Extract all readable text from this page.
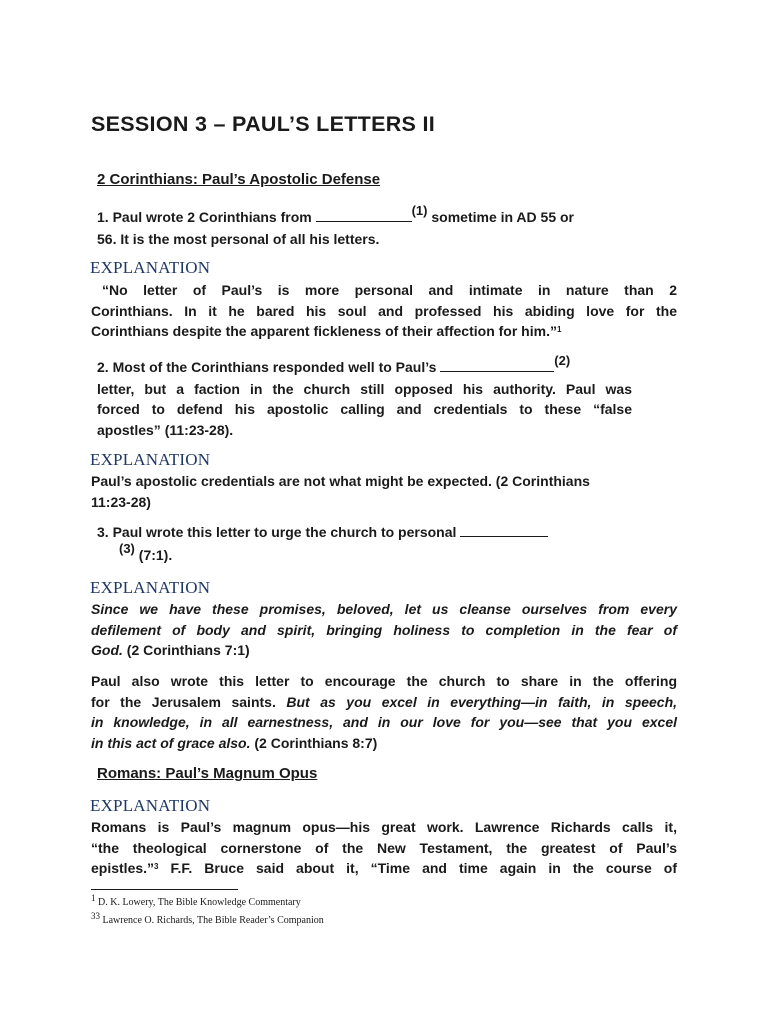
SESSION 3 – PAUL’S LETTERS II
2 Corinthians: Paul’s Apostolic Defense
1. Paul wrote 2 Corinthians from	(1) sometime in AD 55 or
56. It is the most personal of all his letters.
EXPLANATION
“No letter of Paul’s is more personal and intimate in nature than 2
Corinthians. In it he bared his soul and professed his abiding love for the
Corinthians despite the apparent fickleness of their affection for him.”$^1$
2. Most of the Corinthians responded well to Paul’s	(2)
letter, but a faction in the church still opposed his authority. Paul was
forced to defend his apostolic calling and credentials to these “false
apostles” (11:23-28).
EXPLANATION
Paul’s apostolic credentials are not what might be expected. (2 Corinthians
11:23-28)
3. Paul wrote this letter to urge the church to personal
(3) (7:1).
EXPLANATION
Since we have these promises, beloved, let us cleanse ourselves from every
defilement of body and spirit, bringing holiness to completion in the fear of
God. (2 Corinthians 7:1)
Paul also wrote this letter to encourage the church to share in the offering
for the Jerusalem saints. But as you excel in everything—in faith, in speech,
in knowledge, in all earnestness, and in our love for you—see that you excel
in this act of grace also. (2 Corinthians 8:7)
Romans: Paul’s Magnum Opus
EXPLANATION
Romans is Paul’s magnum opus—his great work. Lawrence Richards calls it,
“the theological cornerstone of the New Testament, the greatest of Paul’s
epistles.”$^3$ F.F. Bruce said about it, “Time and time again in the course of
1 D. K. Lowery, The Bible Knowledge Commentary
33 Lawrence O. Richards, The Bible Reader’s Companion
